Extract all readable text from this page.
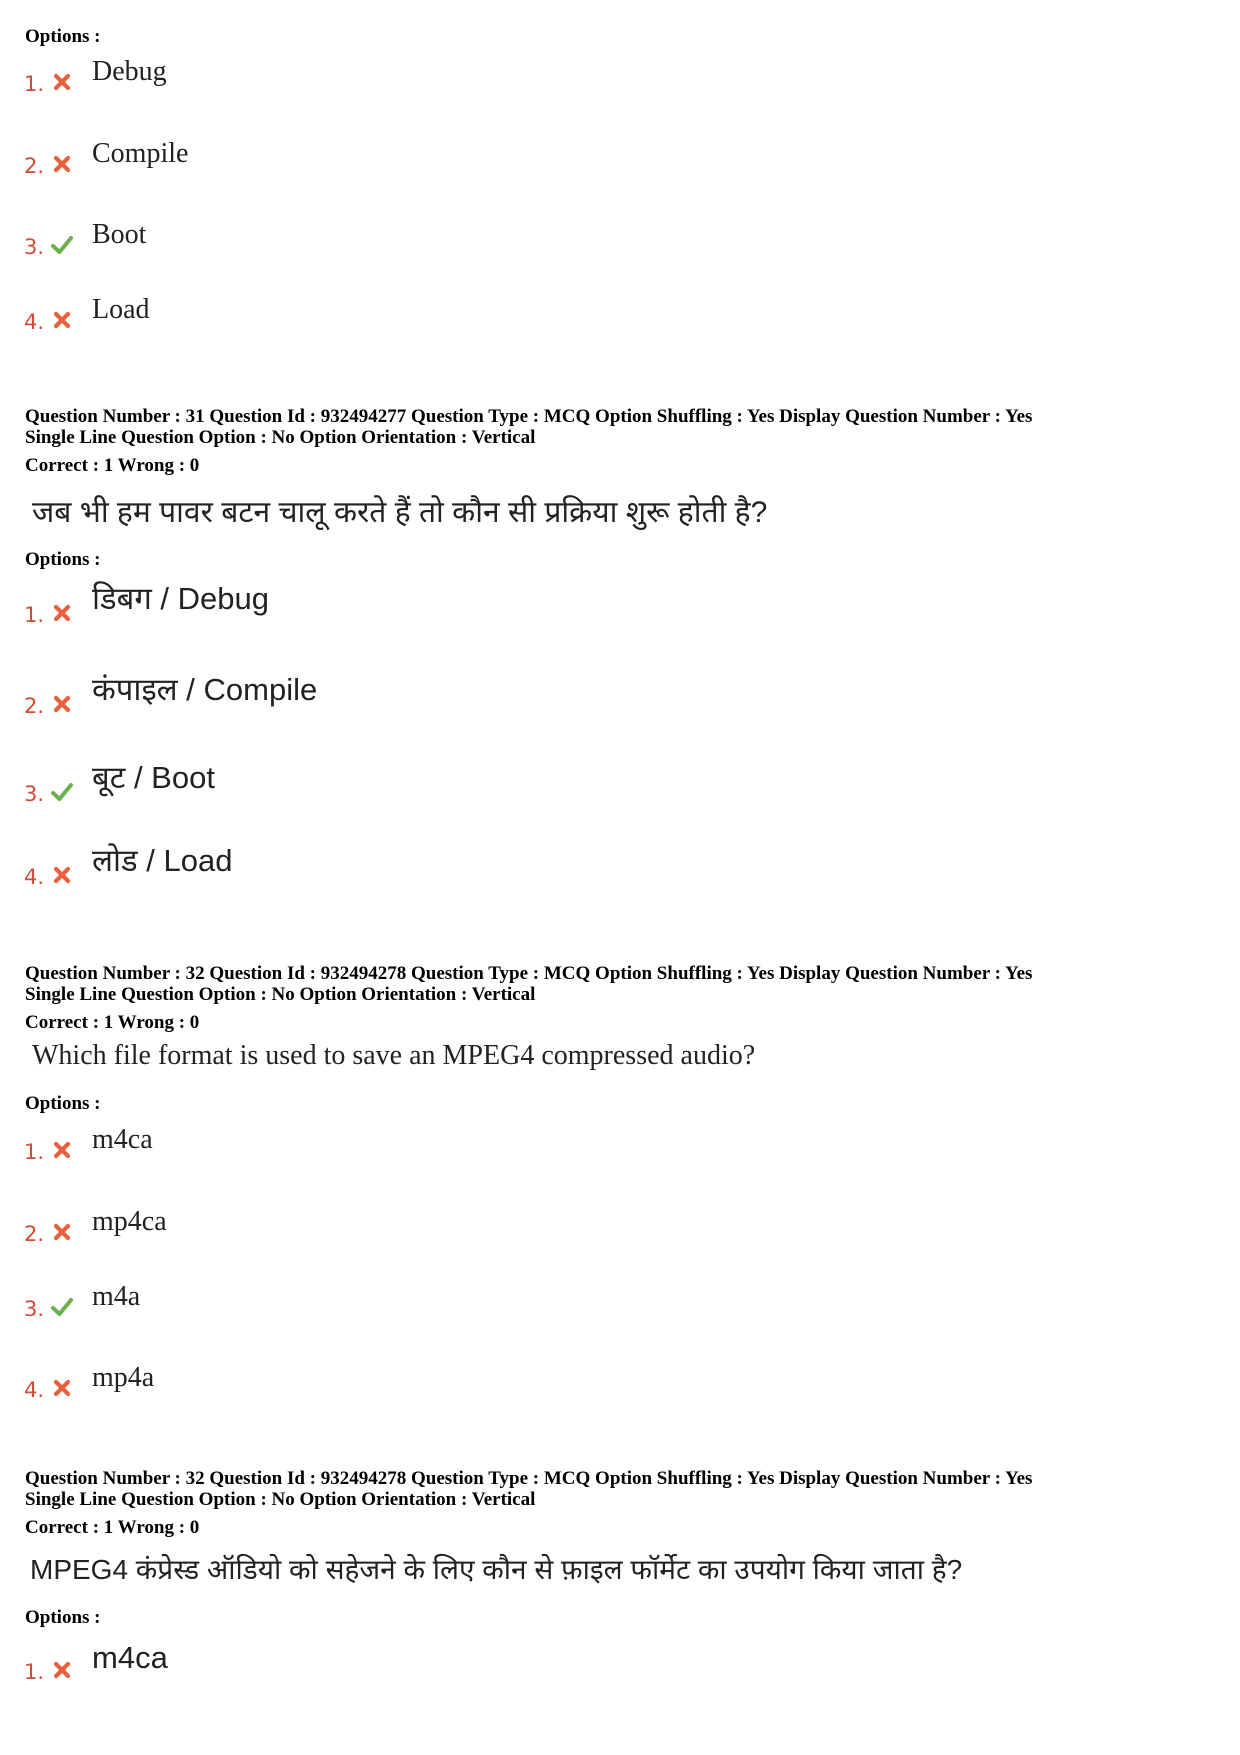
Options :
1. Debug
2. Compile
3. Boot
4. Load
Question Number : 31 Question Id : 932494277 Question Type : MCQ Option Shuffling : Yes Display Question Number : Yes
Single Line Question Option : No Option Orientation : Vertical
Correct : 1 Wrong : 0
जब भी हम पावर बटन चालू करते हैं तो कौन सी प्रक्रिया शुरू होती है?
Options :
1. डिबग / Debug
2. कंपाइल / Compile
3. बूट / Boot
4. लोड / Load
Question Number : 32 Question Id : 932494278 Question Type : MCQ Option Shuffling : Yes Display Question Number : Yes
Single Line Question Option : No Option Orientation : Vertical
Correct : 1 Wrong : 0
Which file format is used to save an MPEG4 compressed audio?
Options :
1. m4ca
2. mp4ca
3. m4a
4. mp4a
Question Number : 32 Question Id : 932494278 Question Type : MCQ Option Shuffling : Yes Display Question Number : Yes
Single Line Question Option : No Option Orientation : Vertical
Correct : 1 Wrong : 0
MPEG4 कंप्रेस्ड ऑडियो को सहेजने के लिए कौन से फ़ाइल फॉर्मेट का उपयोग किया जाता है?
Options :
1. m4ca
